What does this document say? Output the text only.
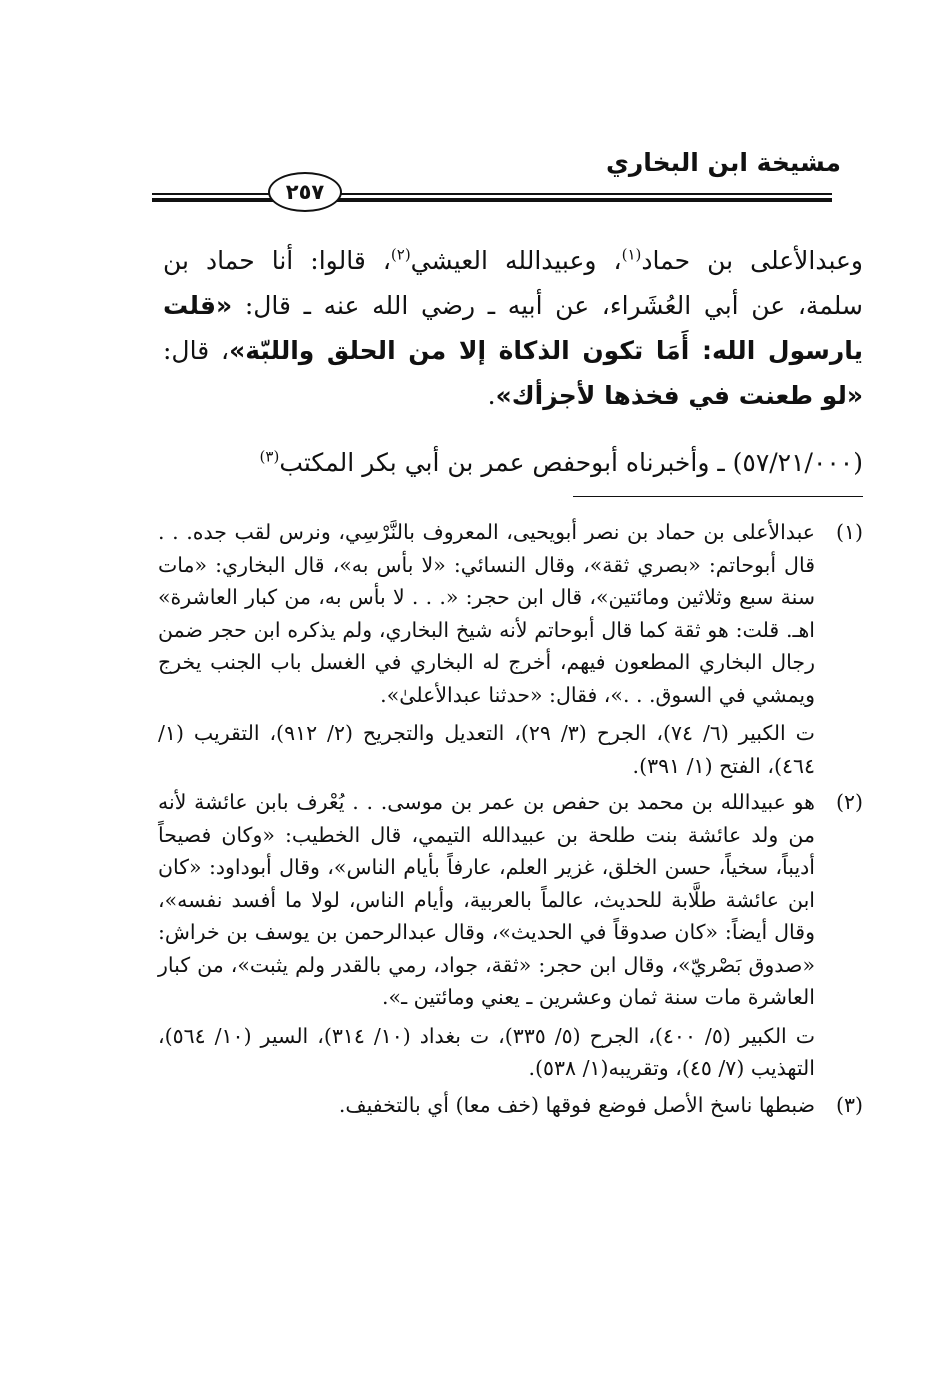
مشيخة ابن البخاري
٢٥٧

وعبدالأعلى بن حماد$^{(١)}$، وعبيدالله العيشي$^{(٢)}$، قالوا: أنا حماد بن سلمة، عن أبي العُشَراء، عن أبيه ـ رضي الله عنه ـ قال: «قلت يارسول الله: أَمَا تكون الذكاة إلا من الحلق واللبّة»، قال: «لو طعنت في فخذها لأجزأك».

(٥٧/٢١/٠٠٠) ـ وأخبرناه أبوحفص عمر بن أبي بكر المكتب$^{(٣)}$
(١)

عبدالأعلى بن حماد بن نصر أبويحيى، المعروف بالنَّرْسِي، ونرس لقب جده. . . قال أبوحاتم: «بصري ثقة»، وقال النسائي: «لا بأس به»، قال البخاري: «مات سنة سبع وثلاثين ومائتين»، قال ابن حجر: «. . . لا بأس به، من كبار العاشرة» اهـ. قلت: هو ثقة كما قال أبوحاتم لأنه شيخ البخاري، ولم يذكره ابن حجر ضمن رجال البخاري المطعون فيهم، أخرج له البخاري في الغسل باب الجنب يخرج ويمشي في السوق. . .»، فقال: «حدثنا عبدالأعلىٰ».

ت الكبير (٦/ ٧٤)، الجرح (٣/ ٢٩)، التعديل والتجريح (٢/ ٩١٢)، التقريب (١/ ٤٦٤)، الفتح (١/ ٣٩١).

(٢)

هو عبيدالله بن محمد بن حفص بن عمر بن موسى. . . يُعْرف بابن عائشة لأنه من ولد عائشة بنت طلحة بن عبيدالله التيمي، قال الخطيب: «وكان فصيحاً أديباً، سخياً، حسن الخلق، غزير العلم، عارفاً بأيام الناس»، وقال أبوداود: «كان ابن عائشة طلَّابة للحديث، عالماً بالعربية، وأيام الناس، لولا ما أفسد نفسه»، وقال أيضاً: «كان صدوقاً في الحديث»، وقال عبدالرحمن بن يوسف بن خراش: «صدوق بَصْريّ»، وقال ابن حجر: «ثقة، جواد، رمي بالقدر ولم يثبت»، من كبار العاشرة مات سنة ثمان وعشرين ـ يعني ومائتين ـ».

ت الكبير (٥/ ٤٠٠)، الجرح (٥/ ٣٣٥)، ت بغداد (١٠/ ٣١٤)، السير (١٠/ ٥٦٤)، التهذيب (٧/ ٤٥)، وتقريبه(١/ ٥٣٨).

(٣)

ضبطها ناسخ الأصل فوضع فوقها (خف معا) أي بالتخفيف.
